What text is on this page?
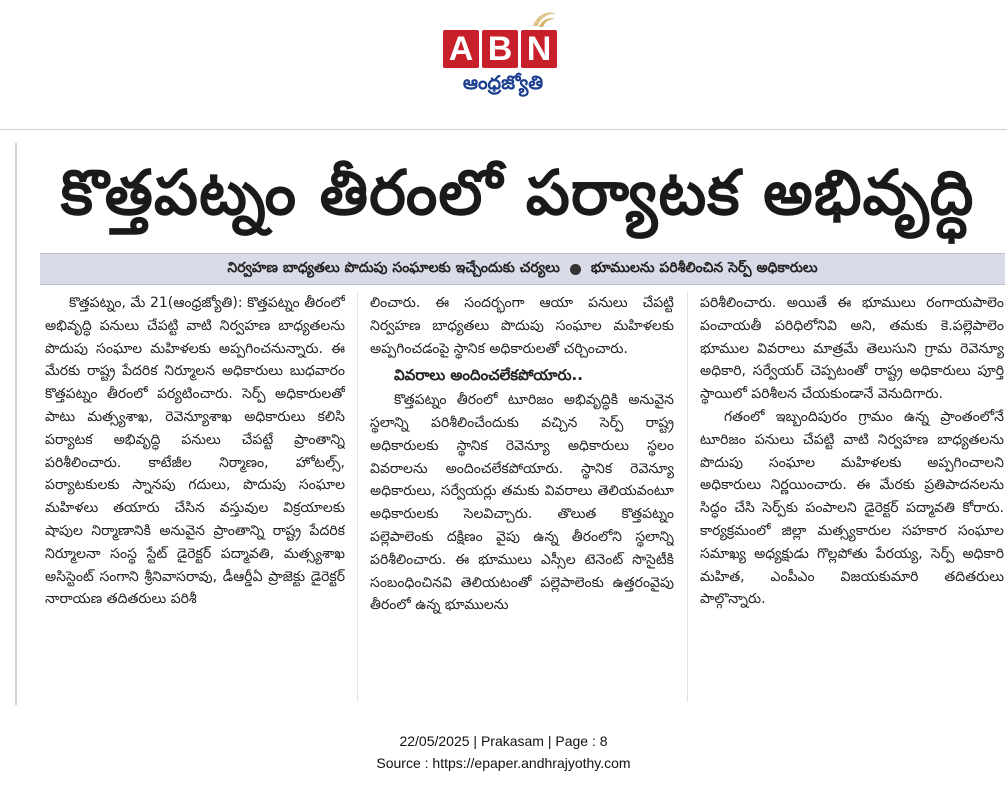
A B N
ఆంధ్రజ్యోతి
కొత్తపట్నం తీరంలో పర్యాటక అభివృద్ధి
నిర్వహణ బాధ్యతలు పొదుపు సంఘాలకు ఇచ్చేందుకు చర్యలు భూములను పరిశీలించిన సెర్ప్ అధికారులు
కొత్తపట్నం, మే 21(ఆంధ్రజ్యోతి): కొత్తపట్నం తీరంలో అభివృద్ధి పనులు చేపట్టి వాటి నిర్వహణ బాధ్యతలను పొదుపు సంఘాల మహిళలకు అప్పగించనున్నారు. ఈ మేరకు రాష్ట్ర పేదరిక నిర్మూలన అధికారులు బుధవారం కొత్తపట్నం తీరంలో పర్యటించారు. సెర్ప్ అధికారులతో పాటు మత్స్యశాఖ, రెవెన్యూశాఖ అధికారులు కలిసి పర్యాటక అభివృద్ధి పనులు చేపట్టే ప్రాంతాన్ని పరిశీలించారు. కాటేజీల నిర్మాణం, హోటల్స్, పర్యాటకులకు స్నానపు గదులు, పొదుపు సంఘాల మహిళలు తయారు చేసిన వస్తువుల విక్రయాలకు షాపుల నిర్మాణానికి అనువైన ప్రాంతాన్ని రాష్ట్ర పేదరిక నిర్మూలనా సంస్థ స్టేట్ డైరెక్టర్ పద్మావతి, మత్స్యశాఖ అసిస్టెంట్ సంగాని శ్రీనివాసరావు, డీఆర్డీఏ ప్రాజెక్టు డైరెక్టర్ నారాయణ తదితరులు పరిశీ
లించారు. ఈ సందర్భంగా ఆయా పనులు చేపట్టి నిర్వహణ బాధ్యతలు పొదుపు సంఘాల మహిళలకు అప్పగించడంపై స్థానిక అధికారులతో చర్చించారు.
వివరాలు అందించలేకపోయారు..
కొత్తపట్నం తీరంలో టూరిజం అభివృద్ధికి అనువైన స్థలాన్ని పరిశీలించేందుకు వచ్చిన సెర్ప్ రాష్ట్ర అధికారులకు స్థానిక రెవెన్యూ అధికారులు స్థలం వివరాలను అందించలేకపోయారు. స్థానిక రెవెన్యూ అధికారులు, సర్వేయర్లు తమకు వివరాలు తెలియవంటూ అధికారులకు సెలవిచ్చారు. తొలుత కొత్తపట్నం పల్లెపాలెంకు దక్షిణం వైపు ఉన్న తీరంలోని స్థలాన్ని పరిశీలించారు. ఈ భూములు ఎస్సీల టెనెంట్ సొసైటీకి సంబంధించినవి తెలియటంతో పల్లెపాలెంకు ఉత్తరంవైపు తీరంలో ఉన్న భూములను
పరిశీలించారు. అయితే ఈ భూములు రంగాయపాలెం పంచాయతీ పరిధిలోనివి అని, తమకు కె.పల్లెపాలెం భూముల వివరాలు మాత్రమే తెలుసుని గ్రామ రెవెన్యూ అధికారి, సర్వేయర్ చెప్పటంతో రాష్ట్ర అధికారులు పూర్తి స్థాయిలో పరిశీలన చేయకుండానే వెనుదిగారు.
గతంలో ఇబ్బందిపురం గ్రామం ఉన్న ప్రాంతంలోనే టూరిజం పనులు చేపట్టి వాటి నిర్వహణ బాధ్యతలను పొదుపు సంఘాల మహిళలకు అప్పగించాలని అధికారులు నిర్ణయించారు. ఈ మేరకు ప్రతిపాదనలను సిద్ధం చేసి సెర్ప్‌కు పంపాలని డైరెక్టర్ పద్మావతి కోరారు. కార్యక్రమంలో జిల్లా మత్స్యకారుల సహకార సంఘాల సమాఖ్య అధ్యక్షుడు గొల్లపోతు పేరయ్య, సెర్ప్ అధికారి మహిత, ఎంపీఎం విజయకుమారి తదితరులు పాల్గొన్నారు.
22/05/2025 | Prakasam | Page : 8
Source : https://epaper.andhrajyothy.com
